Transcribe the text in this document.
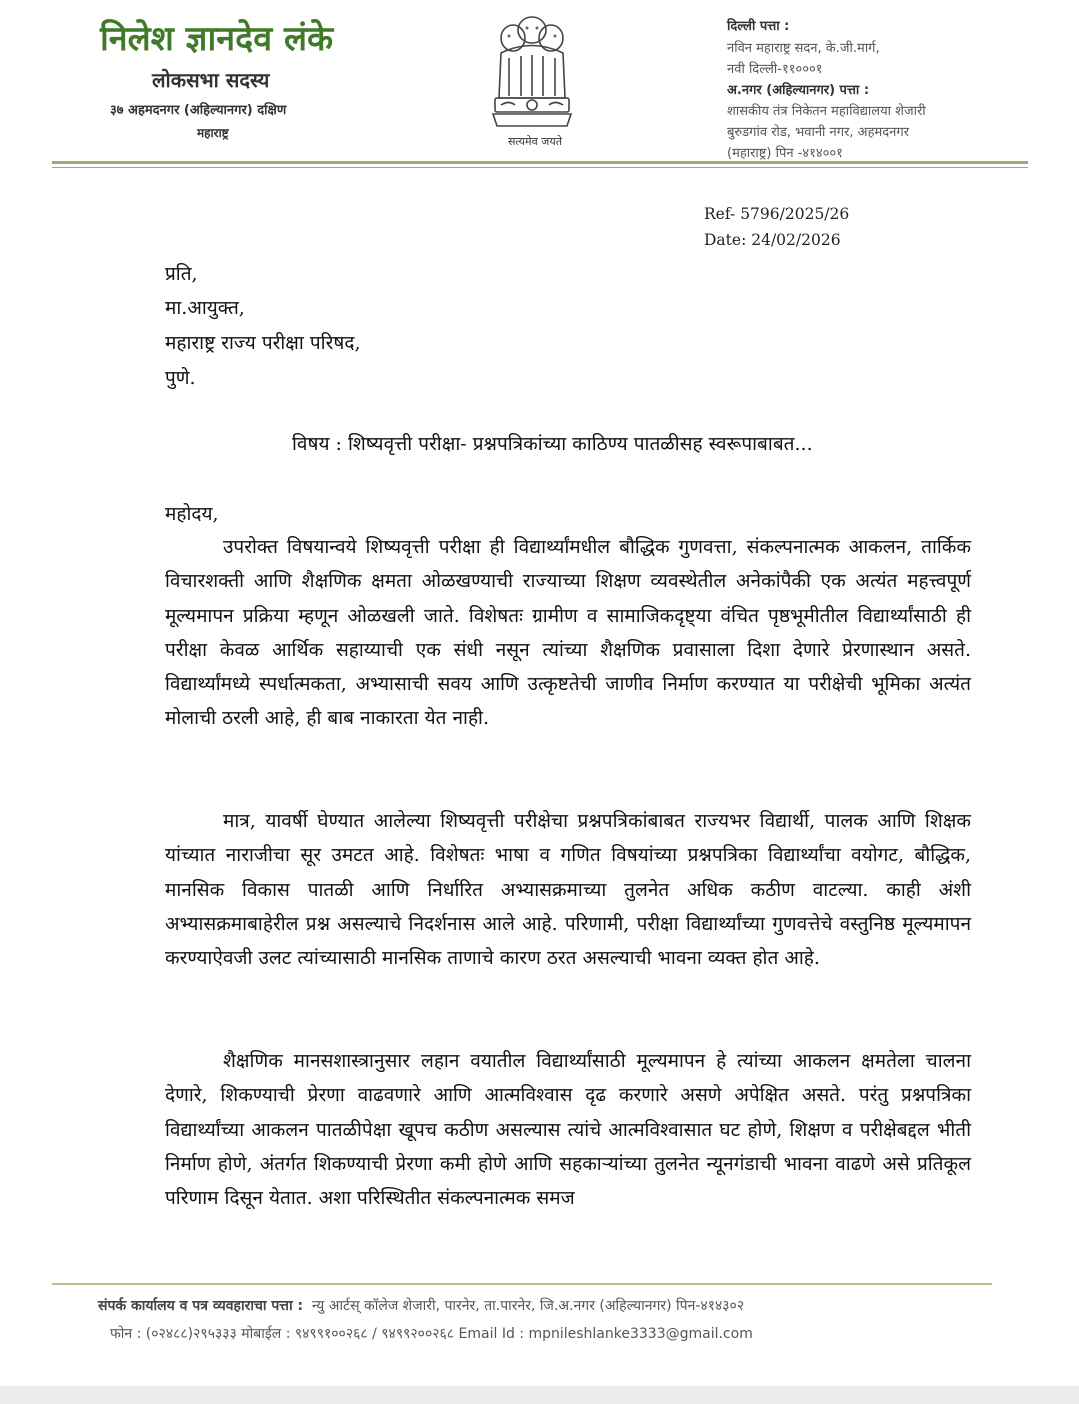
निलेश ज्ञानदेव लंके
लोकसभा सदस्य
३७ अहमदनगर (अहिल्यानगर) दक्षिण
महाराष्ट्र
सत्यमेव जयते
दिल्ली पत्ता :
नविन महाराष्ट्र सदन, के.जी.मार्ग,
नवी दिल्ली-११०००१
अ.नगर (अहिल्यानगर) पत्ता :
शासकीय तंत्र निकेतन महाविद्यालया शेजारी
बुरुडगांव रोड, भवानी नगर, अहमदनगर
(महाराष्ट्र) पिन -४१४००१
Ref- 5796/2025/26
Date: 24/02/2026
प्रति,
मा.आयुक्त,
महाराष्ट्र राज्य परीक्षा परिषद,
पुणे.
विषय : शिष्यवृत्ती परीक्षा- प्रश्नपत्रिकांच्या काठिण्य पातळीसह स्वरूपाबाबत...
महोदय,
उपरोक्त विषयान्वये शिष्यवृत्ती परीक्षा ही विद्यार्थ्यांमधील बौद्धिक गुणवत्ता, संकल्पनात्मक आकलन, तार्किक विचारशक्ती आणि शैक्षणिक क्षमता ओळखण्याची राज्याच्या शिक्षण व्यवस्थेतील अनेकांपैकी एक अत्यंत महत्त्वपूर्ण मूल्यमापन प्रक्रिया म्हणून ओळखली जाते. विशेषतः ग्रामीण व सामाजिकदृष्ट्या वंचित पृष्ठभूमीतील विद्यार्थ्यांसाठी ही परीक्षा केवळ आर्थिक सहाय्याची एक संधी नसून त्यांच्या शैक्षणिक प्रवासाला दिशा देणारे प्रेरणास्थान असते. विद्यार्थ्यांमध्ये स्पर्धात्मकता, अभ्यासाची सवय आणि उत्कृष्टतेची जाणीव निर्माण करण्यात या परीक्षेची भूमिका अत्यंत मोलाची ठरली आहे, ही बाब नाकारता येत नाही.
मात्र, यावर्षी घेण्यात आलेल्या शिष्यवृत्ती परीक्षेचा प्रश्नपत्रिकांबाबत राज्यभर विद्यार्थी, पालक आणि शिक्षक यांच्यात नाराजीचा सूर उमटत आहे. विशेषतः भाषा व गणित विषयांच्या प्रश्नपत्रिका विद्यार्थ्यांचा वयोगट, बौद्धिक, मानसिक विकास पातळी आणि निर्धारित अभ्यासक्रमाच्या तुलनेत अधिक कठीण वाटल्या. काही अंशी अभ्यासक्रमाबाहेरील प्रश्न असल्याचे निदर्शनास आले आहे. परिणामी, परीक्षा विद्यार्थ्यांच्या गुणवत्तेचे वस्तुनिष्ठ मूल्यमापन करण्याऐवजी उलट त्यांच्यासाठी मानसिक ताणाचे कारण ठरत असल्याची भावना व्यक्त होत आहे.
शैक्षणिक मानसशास्त्रानुसार लहान वयातील विद्यार्थ्यांसाठी मूल्यमापन हे त्यांच्या आकलन क्षमतेला चालना देणारे, शिकण्याची प्रेरणा वाढवणारे आणि आत्मविश्वास दृढ करणारे असणे अपेक्षित असते. परंतु प्रश्नपत्रिका विद्यार्थ्यांच्या आकलन पातळीपेक्षा खूपच कठीण असल्यास त्यांचे आत्मविश्वासात घट होणे, शिक्षण व परीक्षेबद्दल भीती निर्माण होणे, अंतर्गत शिकण्याची प्रेरणा कमी होणे आणि सहकाऱ्यांच्या तुलनेत न्यूनगंडाची भावना वाढणे असे प्रतिकूल परिणाम दिसून येतात. अशा परिस्थितीत संकल्पनात्मक समज
संपर्क कार्यालय व पत्र व्यवहाराचा पत्ता : न्यु आर्टस् कॉलेज शेजारी, पारनेर, ता.पारनेर, जि.अ.नगर (अहिल्यानगर) पिन-४१४३०२
फोन : (०२४८८)२९५३३३ मोबाईल : ९४९९१००२६८ / ९४९९२००२६८ Email Id : mpnileshlanke3333@gmail.com
